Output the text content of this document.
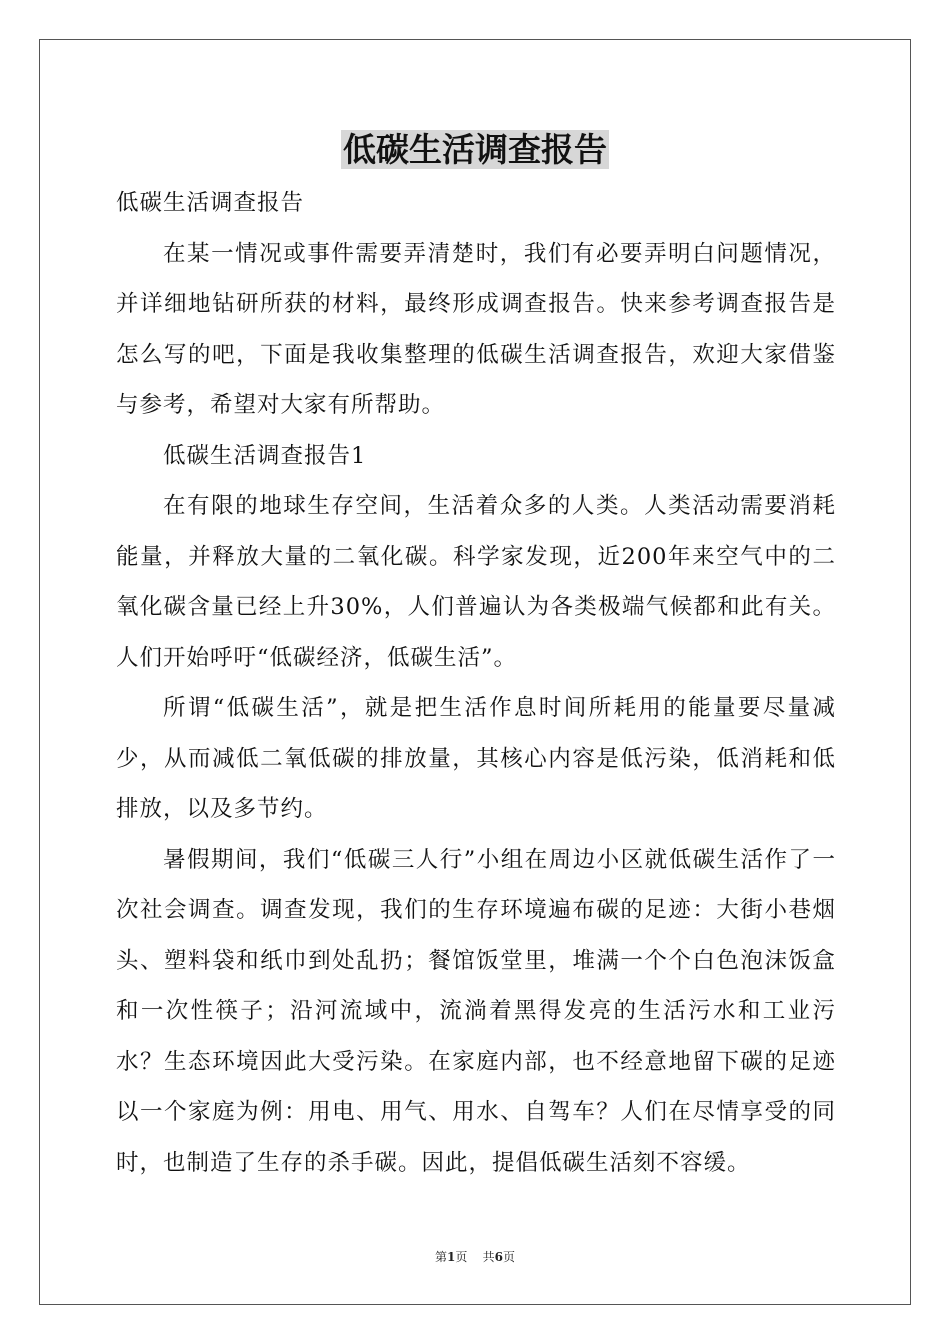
低碳生活调查报告

低碳生活调查报告

在某一情况或事件需要弄清楚时，我们有必要弄明白问题情况，并详细地钻研所获的材料，最终形成调查报告。快来参考调查报告是怎么写的吧，下面是我收集整理的低碳生活调查报告，欢迎大家借鉴与参考，希望对大家有所帮助。

低碳生活调查报告1

在有限的地球生存空间，生活着众多的人类。人类活动需要消耗能量，并释放大量的二氧化碳。科学家发现，近200年来空气中的二氧化碳含量已经上升30%，人们普遍认为各类极端气候都和此有关。人们开始呼吁“低碳经济，低碳生活”。

所谓“低碳生活”，就是把生活作息时间所耗用的能量要尽量减少，从而减低二氧低碳的排放量，其核心内容是低污染，低消耗和低排放，以及多节约。

暑假期间，我们“低碳三人行”小组在周边小区就低碳生活作了一次社会调查。调查发现，我们的生存环境遍布碳的足迹：大街小巷烟头、塑料袋和纸巾到处乱扔；餐馆饭堂里，堆满一个个白色泡沫饭盒和一次性筷子；沿河流域中，流淌着黑得发亮的生活污水和工业污水？生态环境因此大受污染。在家庭内部，也不经意地留下碳的足迹以一个家庭为例：用电、用气、用水、自驾车？人们在尽情享受的同时，也制造了生存的杀手碳。因此，提倡低碳生活刻不容缓。

第1页 共6页
